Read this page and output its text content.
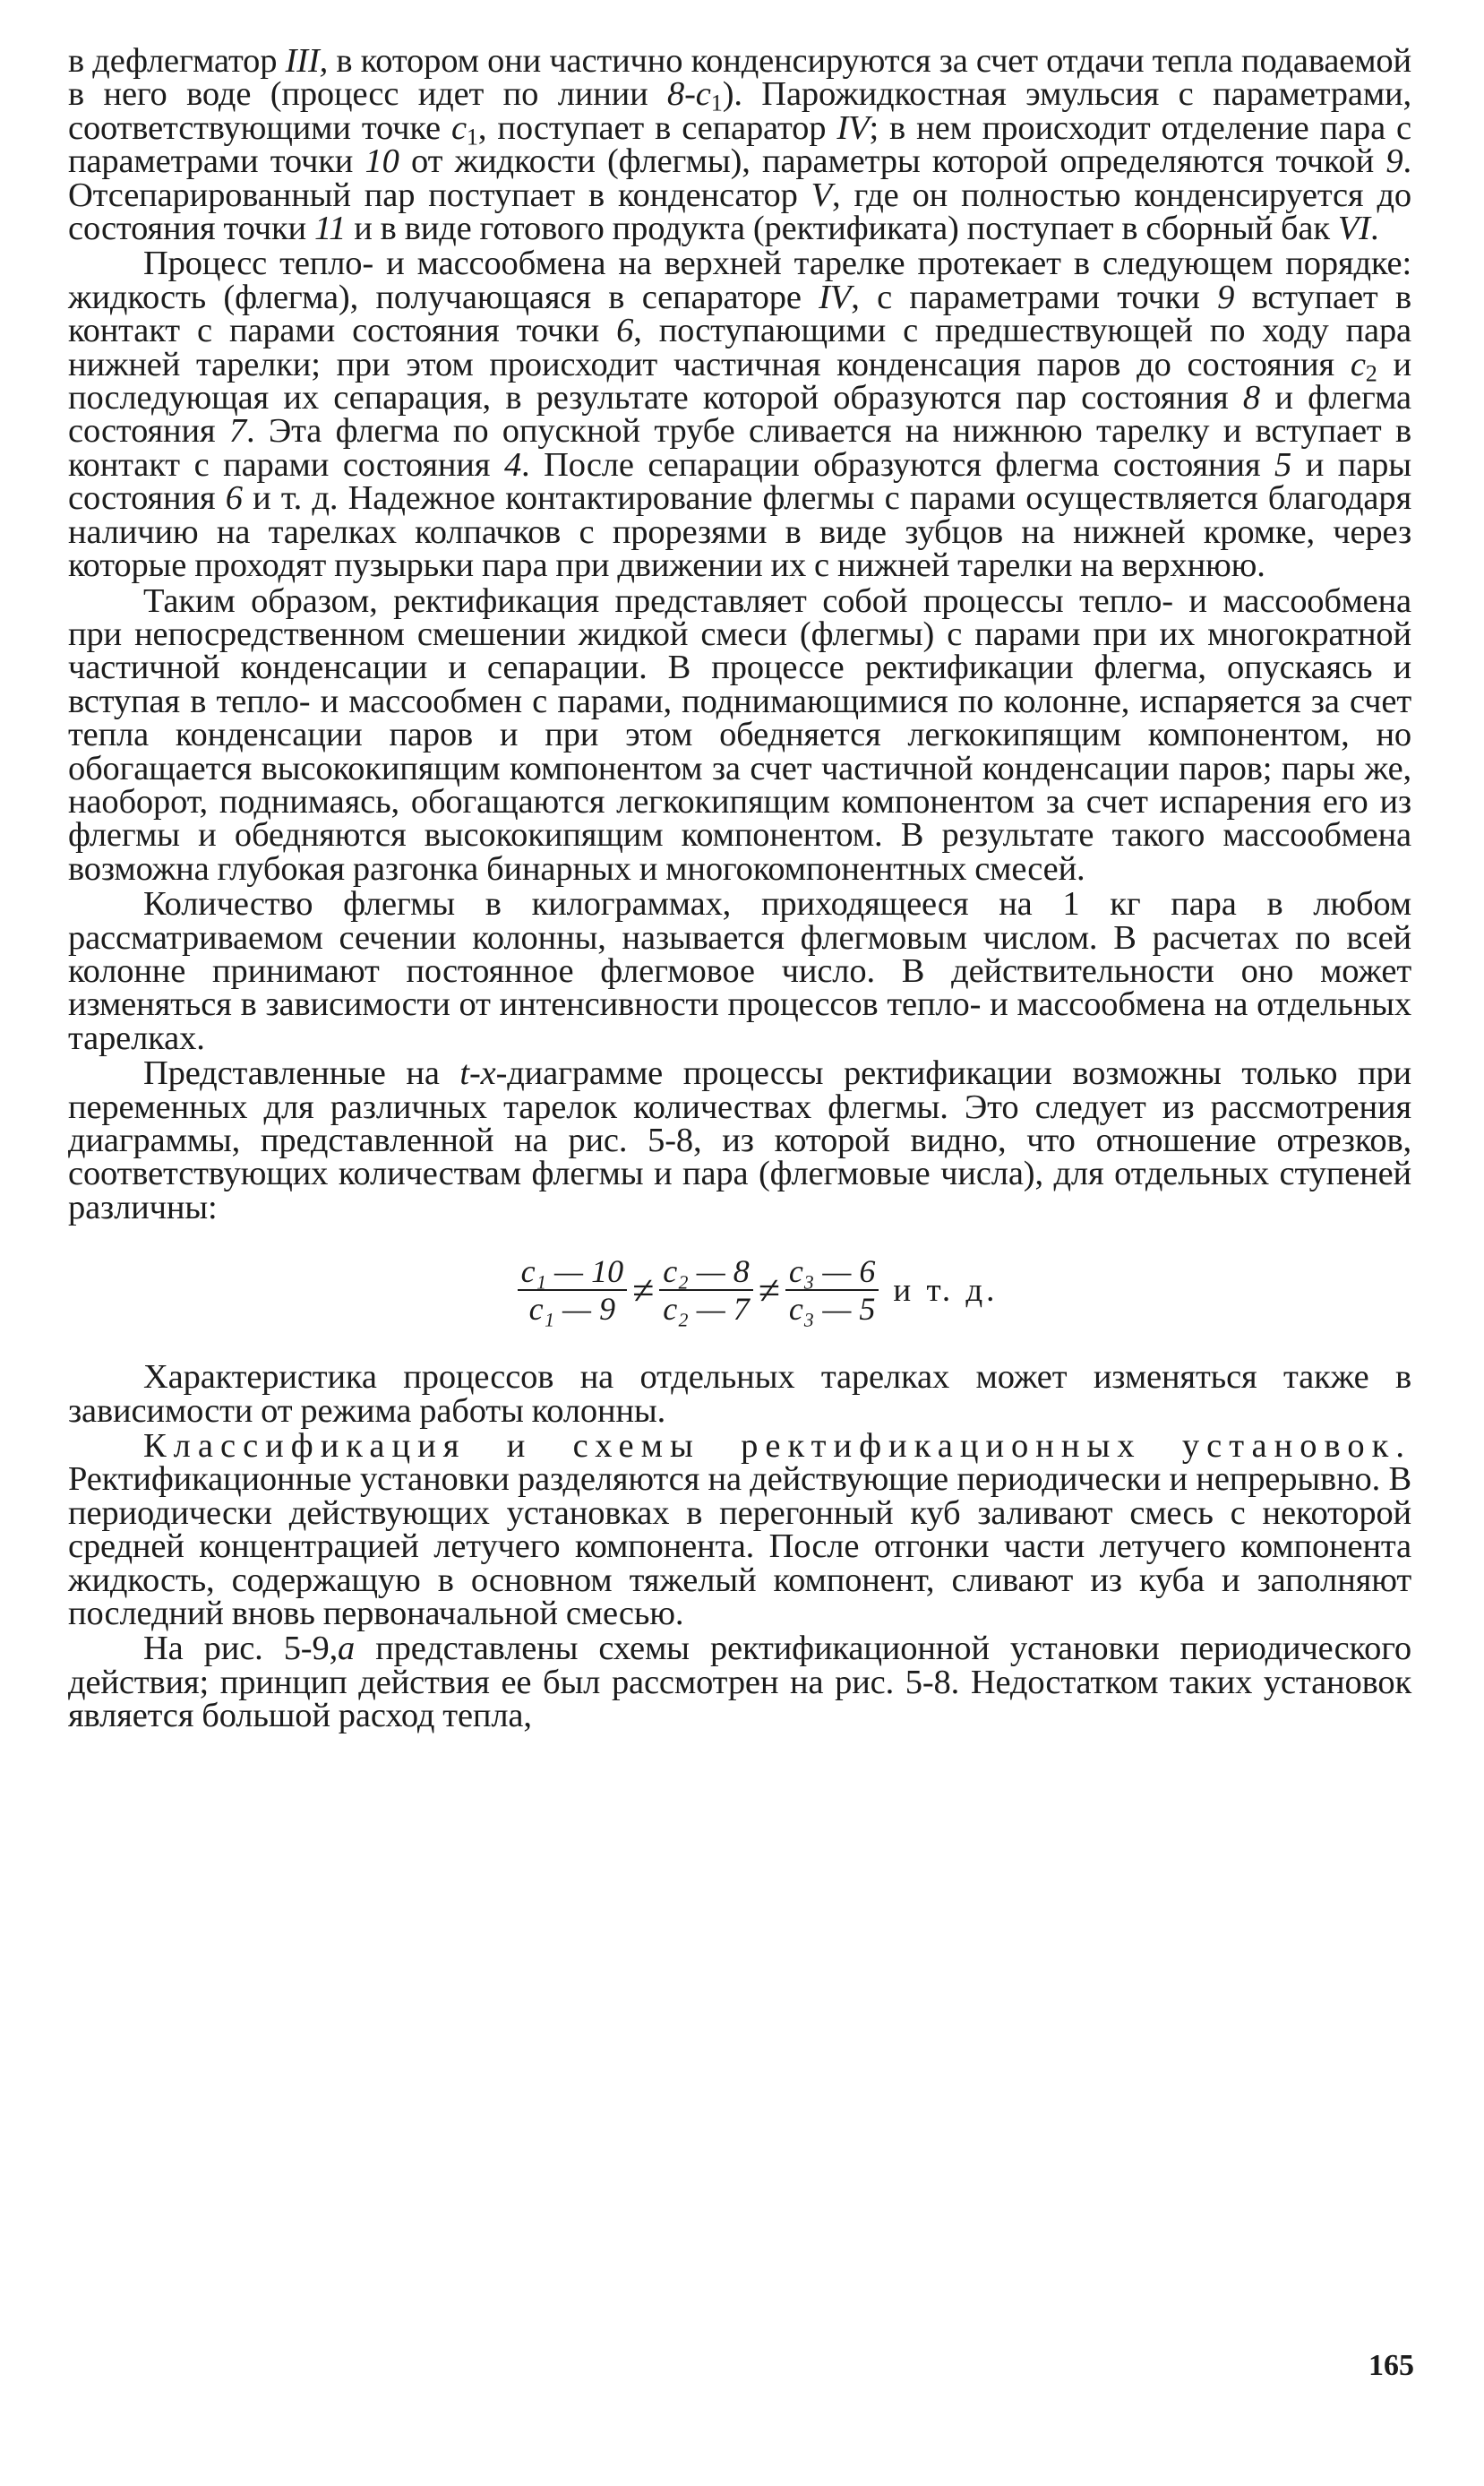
в дефлегматор III, в котором они частично конденсируются за счет отдачи тепла подаваемой в него воде (процесс идет по линии $8-c_1$). Парожидкостная эмульсия с параметрами, соответствующими точке $c_1$, поступает в сепаратор IV; в нем происходит отделение пара с параметрами точки 10 от жидкости (флегмы), параметры которой определяются точкой 9. Отсепарированный пар поступает в конденсатор V, где он полностью конденсируется до состояния точки 11 и в виде готового продукта (ректификата) поступает в сборный бак VI.

Процесс тепло- и массообмена на верхней тарелке протекает в следующем порядке: жидкость (флегма), получающаяся в сепараторе IV, с параметрами точки 9 вступает в контакт с парами состояния точки 6, поступающими с предшествующей по ходу пара нижней тарелки; при этом происходит частичная конденсация паров до состояния $c_2$ и последующая их сепарация, в результате которой образуются пар состояния 8 и флегма состояния 7. Эта флегма по опускной трубе сливается на нижнюю тарелку и вступает в контакт с парами состояния 4. После сепарации образуются флегма состояния 5 и пары состояния 6 и т. д. Надежное контактирование флегмы с парами осуществляется благодаря наличию на тарелках колпачков с прорезями в виде зубцов на нижней кромке, через которые проходят пузырьки пара при движении их с нижней тарелки на верхнюю.

Таким образом, ректификация представляет собой процессы тепло- и массообмена при непосредственном смешении жидкой смеси (флегмы) с парами при их многократной частичной конденсации и сепарации. В процессе ректификации флегма, опускаясь и вступая в тепло- и массообмен с парами, поднимающимися по колонне, испаряется за счет тепла конденсации паров и при этом обедняется легкокипящим компонентом, но обогащается высококипящим компонентом за счет частичной конденсации паров; пары же, наоборот, поднимаясь, обогащаются легкокипящим компонентом за счет испарения его из флегмы и обедняются высококипящим компонентом. В результате такого массообмена возможна глубокая разгонка бинарных и многокомпонентных смесей.

Количество флегмы в килограммах, приходящееся на 1 кг пара в любом рассматриваемом сечении колонны, называется флегмовым числом. В расчетах по всей колонне принимают постоянное флегмовое число. В действительности оно может изменяться в зависимости от интенсивности процессов тепло- и массообмена на отдельных тарелках.

Представленные на t-x-диаграмме процессы ректификации возможны только при переменных для различных тарелок количествах флегмы. Это следует из рассмотрения диаграммы, представленной на рис. 5-8, из которой видно, что отношение отрезков, соответствующих количествам флегмы и пара (флегмовые числа), для отдельных ступеней различны:

$\frac{\text{c₁ — 10}}{\text{c₁ — 9}} \ne \frac{\text{c₂ — 8}}{\text{c₂ — 7}} \ne \frac{\text{c₃ — 6}}{\text{c₃ — 5}}$ и т. д.

Характеристика процессов на отдельных тарелках может изменяться также в зависимости от режима работы колонны.

Классификация и схемы ректификационных установок. Ректификационные установки разделяются на действующие периодически и непрерывно. В периодически действующих установках в перегонный куб заливают смесь с некоторой средней концентрацией летучего компонента. После отгонки части летучего компонента жидкость, содержащую в основном тяжелый компонент, сливают из куба и заполняют последний вновь первоначальной смесью.

На рис. 5-9,a представлены схемы ректификационной установки периодического действия; принцип действия ее был рассмотрен на рис. 5-8. Недостатком таких установок является большой расход тепла,

165
